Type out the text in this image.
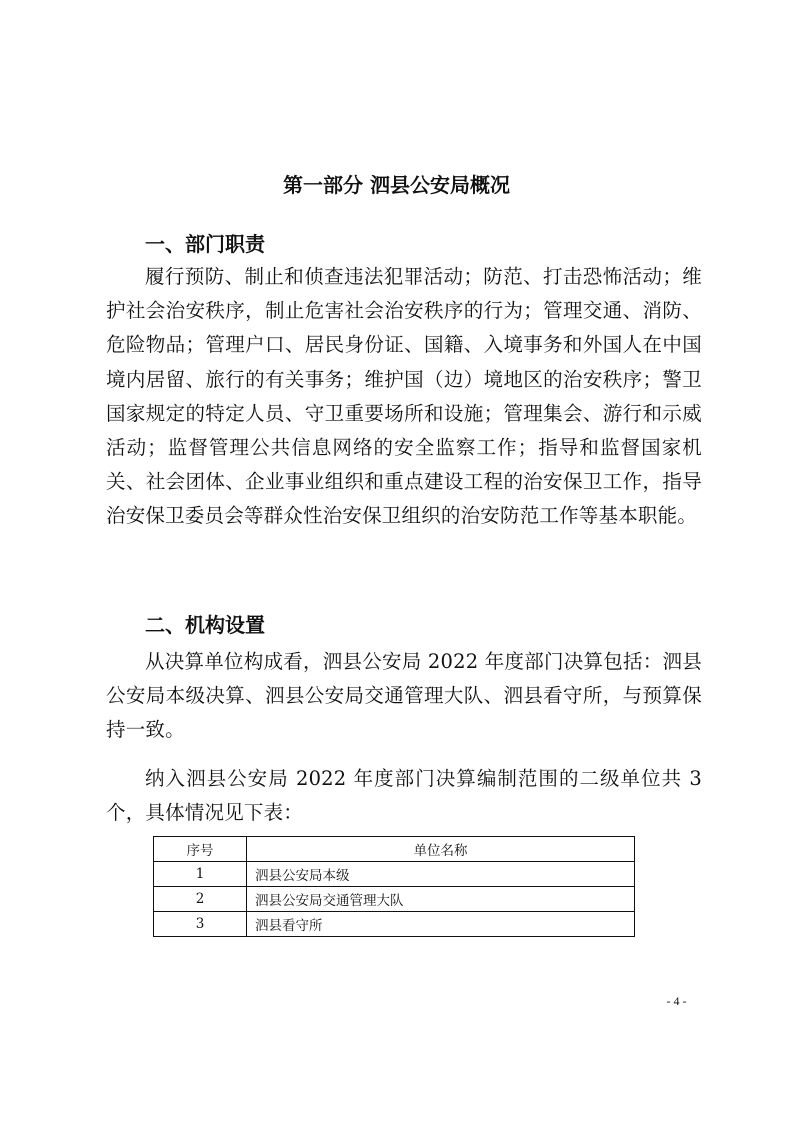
第一部分 泗县公安局概况
一、部门职责
履行预防、制止和侦查违法犯罪活动；防范、打击恐怖活动；维护社会治安秩序，制止危害社会治安秩序的行为；管理交通、消防、危险物品；管理户口、居民身份证、国籍、入境事务和外国人在中国境内居留、旅行的有关事务；维护国（边）境地区的治安秩序；警卫国家规定的特定人员、守卫重要场所和设施；管理集会、游行和示威活动；监督管理公共信息网络的安全监察工作；指导和监督国家机关、社会团体、企业事业组织和重点建设工程的治安保卫工作，指导治安保卫委员会等群众性治安保卫组织的治安防范工作等基本职能。
二、机构设置
从决算单位构成看，泗县公安局 2022 年度部门决算包括：泗县公安局本级决算、泗县公安局交通管理大队、泗县看守所，与预算保持一致。
纳入泗县公安局 2022 年度部门决算编制范围的二级单位共 3 个，具体情况见下表：
序号	单位名称
1	泗县公安局本级
2	泗县公安局交通管理大队
3	泗县看守所
- 4 -
